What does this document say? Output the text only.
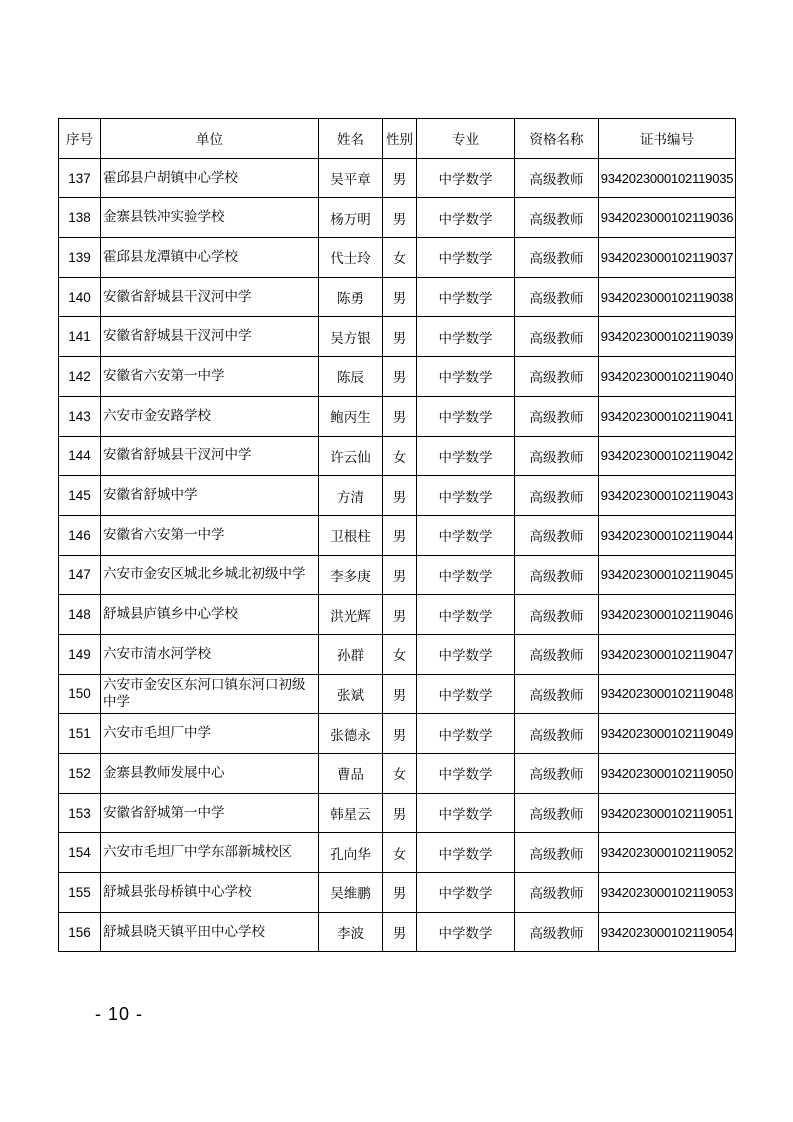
序号	单位	姓名	性别	专业	资格名称	证书编号
137	霍邱县户胡镇中心学校	吴平章	男	中学数学	高级教师	9342023000102119035
138	金寨县铁冲实验学校	杨万明	男	中学数学	高级教师	9342023000102119036
139	霍邱县龙潭镇中心学校	代士玲	女	中学数学	高级教师	9342023000102119037
140	安徽省舒城县干汊河中学	陈勇	男	中学数学	高级教师	9342023000102119038
141	安徽省舒城县干汊河中学	吴方银	男	中学数学	高级教师	9342023000102119039
142	安徽省六安第一中学	陈辰	男	中学数学	高级教师	9342023000102119040
143	六安市金安路学校	鲍丙生	男	中学数学	高级教师	9342023000102119041
144	安徽省舒城县干汊河中学	许云仙	女	中学数学	高级教师	9342023000102119042
145	安徽省舒城中学	方清	男	中学数学	高级教师	9342023000102119043
146	安徽省六安第一中学	卫根柱	男	中学数学	高级教师	9342023000102119044
147	六安市金安区城北乡城北初级中学	李多庚	男	中学数学	高级教师	9342023000102119045
148	舒城县庐镇乡中心学校	洪光辉	男	中学数学	高级教师	9342023000102119046
149	六安市清水河学校	孙群	女	中学数学	高级教师	9342023000102119047
150	六安市金安区东河口镇东河口初级中学	张斌	男	中学数学	高级教师	9342023000102119048
151	六安市毛坦厂中学	张德永	男	中学数学	高级教师	9342023000102119049
152	金寨县教师发展中心	曹品	女	中学数学	高级教师	9342023000102119050
153	安徽省舒城第一中学	韩星云	男	中学数学	高级教师	9342023000102119051
154	六安市毛坦厂中学东部新城校区	孔向华	女	中学数学	高级教师	9342023000102119052
155	舒城县张母桥镇中心学校	吴维鹏	男	中学数学	高级教师	9342023000102119053
156	舒城县晓天镇平田中心学校	李波	男	中学数学	高级教师	9342023000102119054
- 10 -
